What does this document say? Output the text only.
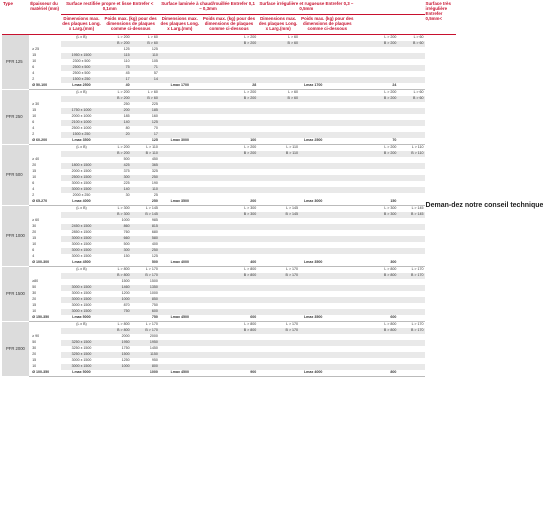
Type	Épaisseur du matériel (mm)	Surface rectifiée propre et lisse Entrefer < 0,1mm			Surface laminée à chaud/rouillée Entrefer 0,1 – 0,3mm			Surface irrégulière et rugueuse Entrefer 0,3 – 0,5mm					Surface très irrégulière Entrefer 0,5mm<
		Dimensions max. des plaques Long. x Larg.(mm)	Poids max. (kg) pour des dimensions de plaques comme ci-dessous		Dimensions max. des plaques Long. x Larg.(mm)	Poids max. (kg) pour des dimensions de plaques comme ci-dessous		Dimensions max. des plaques Long. x Larg.(mm)	Poids max. (kg) pour des dimensions de plaques comme ci-dessous				
PFR 125		(L x B)	L > 200	L > 60			L > 200	L > 60			L > 200	L > 60	Deman-dez notre conseil technique

			B > 200	B > 60			B > 200	B > 60			B > 200	B > 60	
	≥ 25		125	125									
	15	1950 x 1500	115	110									
	10	2300 x 500	110	105									
	6	2500 x 500	75	71									
	4	2500 x 500	45	57									
	2	1500 x 250	17	14									
	Ø 50-100	Lmax 2500	40		Lmax 1700		28		Lmax 1700		24		
PFR 250		(L x B)	L > 200	L > 60			L > 200	L > 60			L > 200	L > 60	
			B > 200	B > 60			B > 200	B > 60			B > 200	B > 60	
	≥ 30		250	225									
	15	1750 x 1000	200	185									
	10	2000 x 1000	185	160									
	6	2100 x 1000	140	125									
	4	2500 x 1000	80	70									
	2	1500 x 250	20	17									
	Ø 60-200	Lmax 3500		125	Lmax 3000		100		Lmax 2500		70		
PFR 500		(L x B)	L > 200	L > 110			L > 200	L > 110			L > 200	L > 110	
			B > 200	B > 110			B > 200	B > 110			B > 200	B > 110	
	≥ 40		500	450									
	20	1800 x 1500	425	365									
	15	2000 x 1500	375	325									
	10	2500 x 1500	300	250									
	6	3000 x 1500	225	190									
	4	3000 x 1500	140	110									
	2	2000 x 250	30	25									
	Ø 65-270	Lmax 4000		250	Lmax 3500		200		Lmax 3000		150		
PFR 1000		(L x B)	L > 300	L > 145			L > 300	L > 145			L > 300	L > 145	
			B > 300	B > 145			B > 300	B > 145			B > 300	B > 145	
	≥ 60		1000	985									
	30	2450 x 1500	860	815									
	20	2850 x 1500	760	680									
	15	3000 x 1500	660	580									
	10	3000 x 1500	500	400									
	6	3000 x 1500	300	250									
	4	3000 x 1500	150	125									
	Ø 100-300	Lmax 4500		500	Lmax 4000		400		Lmax 3500		300		
PFR 1500		(L x B)	L > 800	L > 170			L > 800	L > 170			L > 800	L > 170	
			B > 800	B > 170			B > 800	B > 170			B > 800	B > 170	
	≥80		1500	1500									
	50	3000 x 1500	1460	1350									
	30	3000 x 1500	1200	1000									
	20	3000 x 1500	1000	850									
	15	3000 x 1500	870	750									
	10	3000 x 1500	750	600									
	Ø 150-350	Lmax 5000		750	Lmax 4500		600		Lmax 3500		600		
PFR 2000		(L x B)	L > 800	L > 170			L > 800	L > 170			L > 800	L > 170	
			B > 800	B > 170			B > 800	B > 170			B > 800	B > 170	
	≥ 90		2000	2000									
	50	3250 x 1500	1950	1950									
	30	3250 x 1500	1750	1450									
	20	3250 x 1500	1500	1150									
	15	3000 x 1500	1250	950									
	10	3000 x 1500	1000	800									
	Ø 100-350	Lmax 5000		1000	Lmax 4500		900		Lmax 4000		800		
